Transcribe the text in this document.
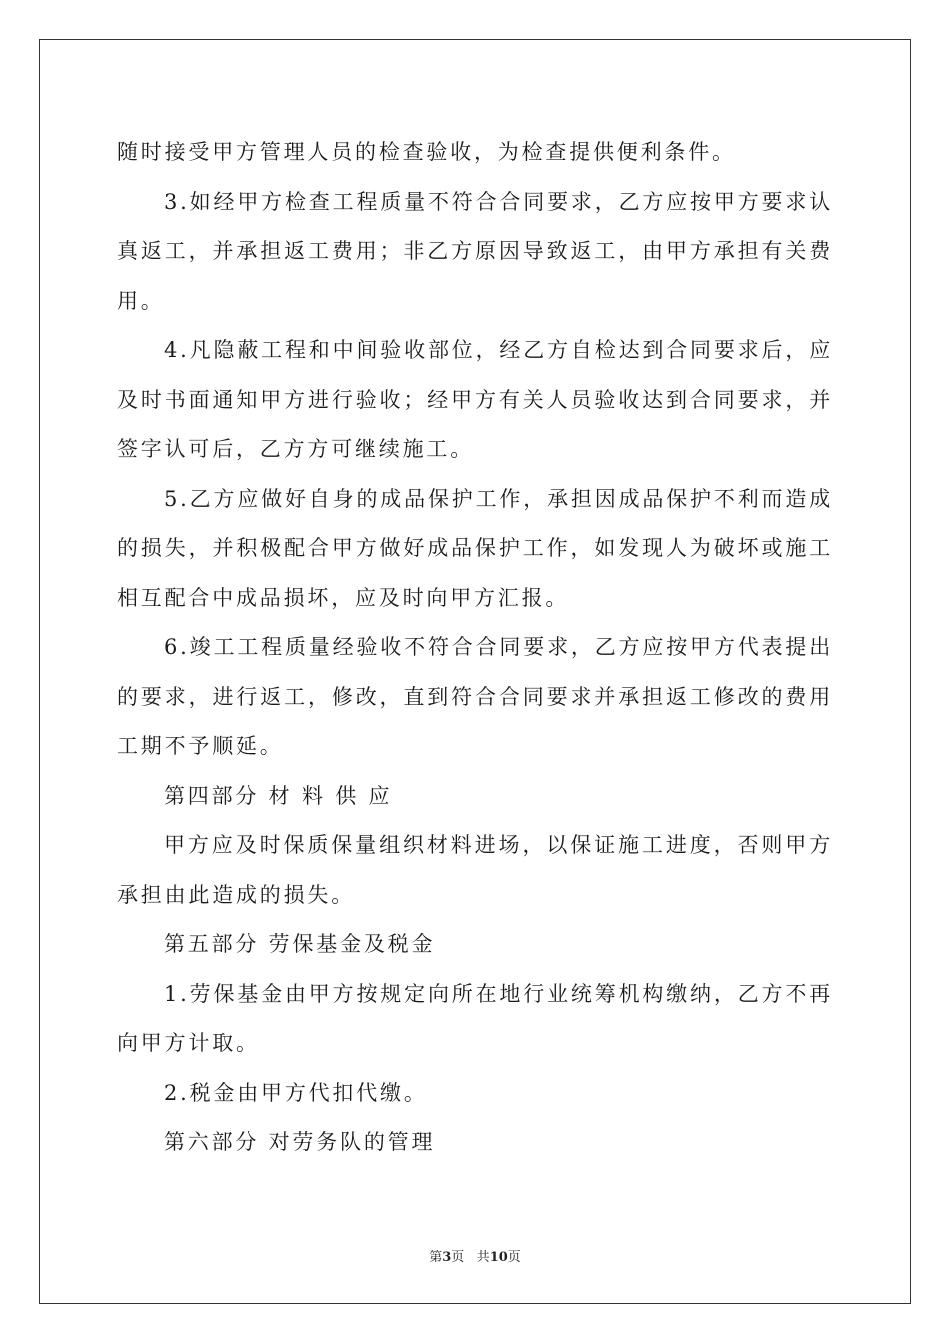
随时接受甲方管理人员的检查验收，为检查提供便利条件。

3.如经甲方检查工程质量不符合合同要求，乙方应按甲方要求认真返工，并承担返工费用；非乙方原因导致返工，由甲方承担有关费用。

4.凡隐蔽工程和中间验收部位，经乙方自检达到合同要求后，应及时书面通知甲方进行验收；经甲方有关人员验收达到合同要求，并签字认可后，乙方方可继续施工。

5.乙方应做好自身的成品保护工作，承担因成品保护不利而造成的损失，并积极配合甲方做好成品保护工作，如发现人为破坏或施工相互配合中成品损坏，应及时向甲方汇报。

6.竣工工程质量经验收不符合合同要求，乙方应按甲方代表提出的要求，进行返工，修改，直到符合合同要求并承担返工修改的费用工期不予顺延。

第四部分 材 料 供 应

甲方应及时保质保量组织材料进场，以保证施工进度，否则甲方承担由此造成的损失。

第五部分 劳保基金及税金

1.劳保基金由甲方按规定向所在地行业统筹机构缴纳，乙方不再向甲方计取。

2.税金由甲方代扣代缴。

第六部分 对劳务队的管理

第3页 共10页
